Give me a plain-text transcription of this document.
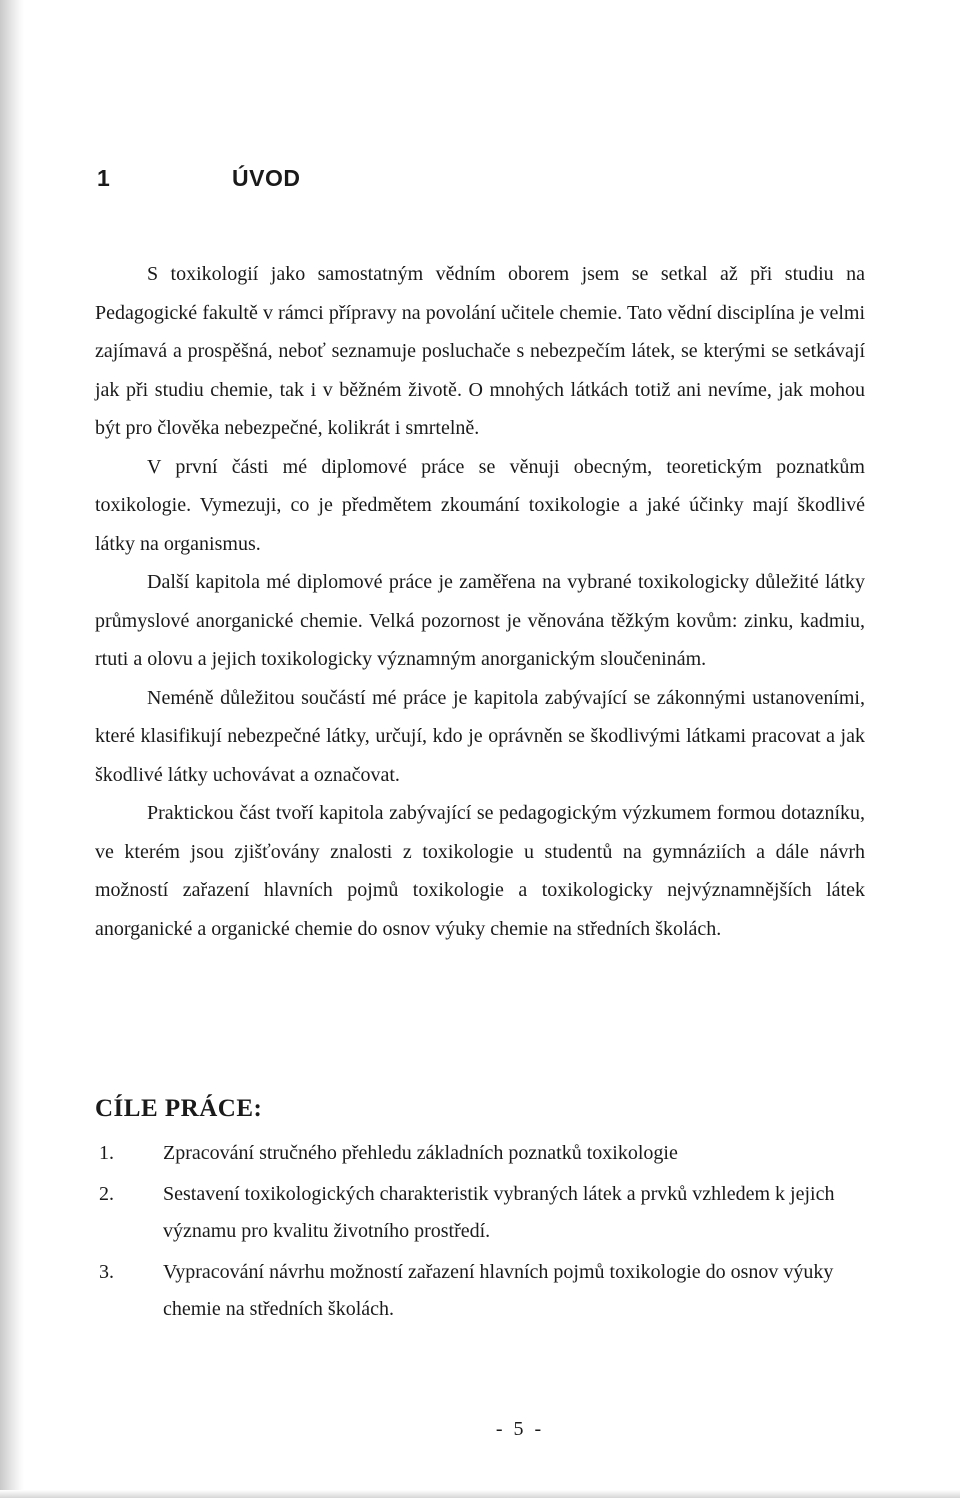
1	ÚVOD

S toxikologií jako samostatným vědním oborem jsem se setkal až při studiu na Pedagogické fakultě v rámci přípravy na povolání učitele chemie. Tato vědní disciplína je velmi zajímavá a prospěšná, neboť seznamuje posluchače s nebezpečím látek, se kterými se setkávají jak při studiu chemie, tak i v běžném životě. O mnohých látkách totiž ani nevíme, jak mohou být pro člověka nebezpečné, kolikrát i smrtelně.

V první části mé diplomové práce se věnuji obecným, teoretickým poznatkům toxikologie. Vymezuji, co je předmětem zkoumání toxikologie a jaké účinky mají škodlivé látky na organismus.

Další kapitola mé diplomové práce je zaměřena na vybrané toxikologicky důležité látky průmyslové anorganické chemie. Velká pozornost je věnována těžkým kovům: zinku, kadmiu, rtuti a olovu a jejich toxikologicky významným anorganickým sloučeninám.

Neméně důležitou součástí mé práce je kapitola zabývající se zákonnými ustanoveními, které klasifikují nebezpečné látky, určují, kdo je oprávněn se škodlivými látkami pracovat a jak škodlivé látky uchovávat a označovat.

Praktickou část tvoří kapitola zabývající se pedagogickým výzkumem formou dotazníku, ve kterém jsou zjišťovány znalosti z toxikologie u studentů na gymnáziích a dále návrh možností zařazení hlavních pojmů toxikologie a toxikologicky nejvýznamnějších látek anorganické a organické chemie do osnov výuky chemie na středních školách.

CÍLE PRÁCE:
1. Zpracování stručného přehledu základních poznatků toxikologie
2. Sestavení toxikologických charakteristik vybraných látek a prvků vzhledem k jejich významu pro kvalitu životního prostředí.
3. Vypracování návrhu možností zařazení hlavních pojmů toxikologie do osnov výuky chemie na středních školách.
- 5 -
